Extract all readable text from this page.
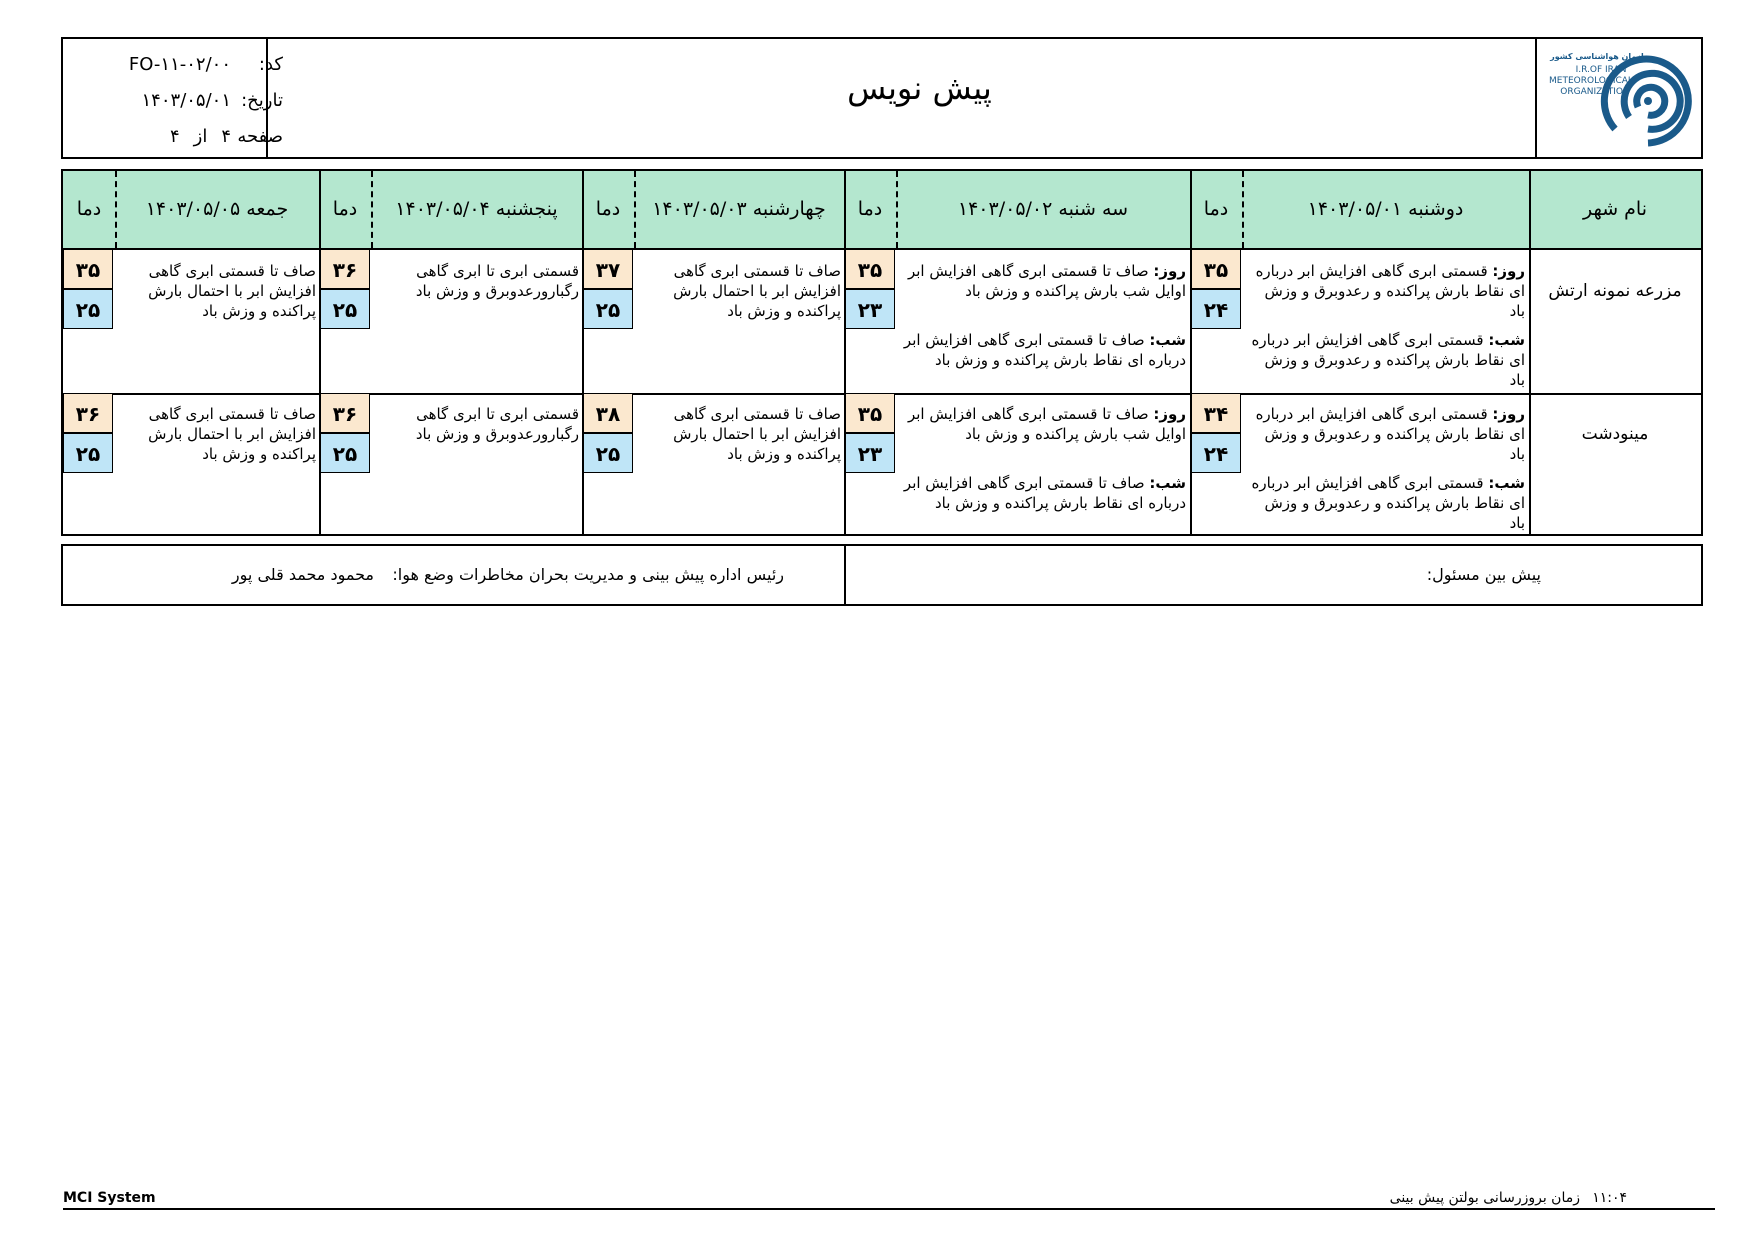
کد:FO-۱۱-۰۲/۰۰
تاریخ:۱۴۰۳/۰۵/۰۱
صفحه۴از۴
پیش نویس
سازمان هواشناسی کشور
I.R.OF IRAN
METEOROLOGICAL
ORGANIZATION
نام شهر
دوشنبه ۱۴۰۳/۰۵/۰۱
دما
سه شنبه ۱۴۰۳/۰۵/۰۲
دما
چهارشنبه ۱۴۰۳/۰۵/۰۳
دما
پنجشنبه ۱۴۰۳/۰۵/۰۴
دما
جمعه ۱۴۰۳/۰۵/۰۵
دما
مزرعه نمونه ارتش
روز: قسمتی ابری گاهی افزایش ابر درباره ای نقاط بارش پراکنده و رعدوبرق و وزش باد
شب: قسمتی ابری گاهی افزایش ابر درباره ای نقاط بارش پراکنده و رعدوبرق و وزش باد
۳۵
۲۴
روز: صاف تا قسمتی ابری گاهی افزایش ابر اوایل شب بارش پراکنده و وزش باد
شب: صاف تا قسمتی ابری گاهی افزایش ابر درباره ای نقاط بارش پراکنده و وزش باد
۳۵
۲۳
صاف تا قسمتی ابری گاهی افزایش ابر با احتمال بارش پراکنده و وزش باد
۳۷
۲۵
قسمتی ابری تا ابری گاهی رگبارورعدوبرق و وزش باد
۳۶
۲۵
صاف تا قسمتی ابری گاهی افزایش ابر با احتمال بارش پراکنده و وزش باد
۳۵
۲۵
مینودشت
روز: قسمتی ابری گاهی افزایش ابر درباره ای نقاط بارش پراکنده و رعدوبرق و وزش باد
شب: قسمتی ابری گاهی افزایش ابر درباره ای نقاط بارش پراکنده و رعدوبرق و وزش باد
۳۴
۲۴
روز: صاف تا قسمتی ابری گاهی افزایش ابر اوایل شب بارش پراکنده و وزش باد
شب: صاف تا قسمتی ابری گاهی افزایش ابر درباره ای نقاط بارش پراکنده و وزش باد
۳۵
۲۳
صاف تا قسمتی ابری گاهی افزایش ابر با احتمال بارش پراکنده و وزش باد
۳۸
۲۵
قسمتی ابری تا ابری گاهی رگبارورعدوبرق و وزش باد
۳۶
۲۵
صاف تا قسمتی ابری گاهی افزایش ابر با احتمال بارش پراکنده و وزش باد
۳۶
۲۵
پیش بین مسئول:
رئیس اداره پیش بینی و مدیریت بحران مخاطرات وضع هوا:
محمود محمد قلی پور
MCI System	زمان بروزرسانی بولتن پیش بینی ۱۱:۰۴
